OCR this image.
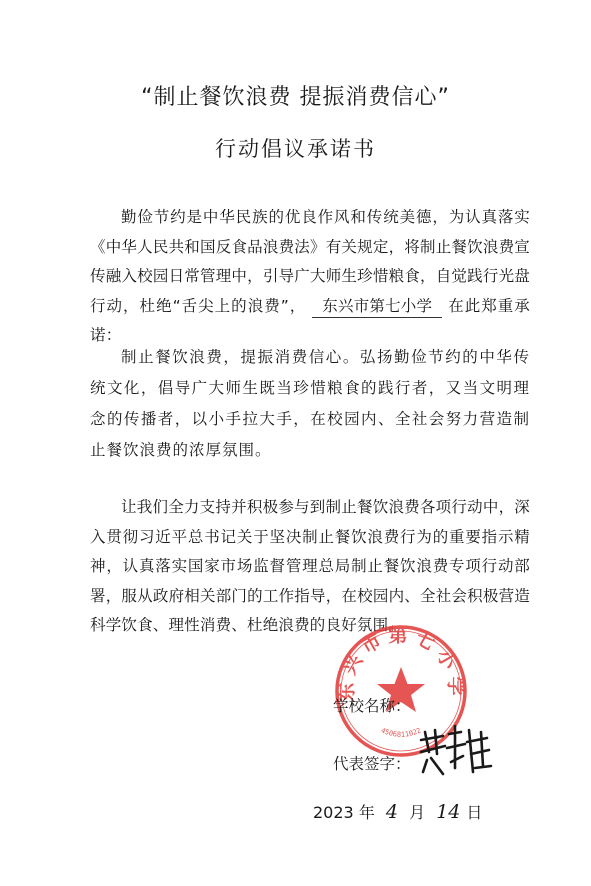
“制止餐饮浪费 提振消费信心”
行动倡议承诺书

勤俭节约是中华民族的优良作风和传统美德，为认真落实《中华人民共和国反食品浪费法》有关规定，将制止餐饮浪费宣传融入校园日常管理中，引导广大师生珍惜粮食，自觉践行光盘行动，杜绝“舌尖上的浪费”， 东兴市第七小学 在此郑重承诺：

制止餐饮浪费，提振消费信心。弘扬勤俭节约的中华传统文化，倡导广大师生既当珍惜粮食的践行者，又当文明理念的传播者，以小手拉大手，在校园内、全社会努力营造制止餐饮浪费的浓厚氛围。

让我们全力支持并积极参与到制止餐饮浪费各项行动中，深入贯彻习近平总书记关于坚决制止餐饮浪费行为的重要指示精神，认真落实国家市场监督管理总局制止餐饮浪费专项行动部署，服从政府相关部门的工作指导，在校园内、全社会积极营造科学饮食、理性消费、杜绝浪费的良好氛围。

东兴市第七小学
4506811022
学校名称：
代表签字：
2023 年 4 月 14 日
